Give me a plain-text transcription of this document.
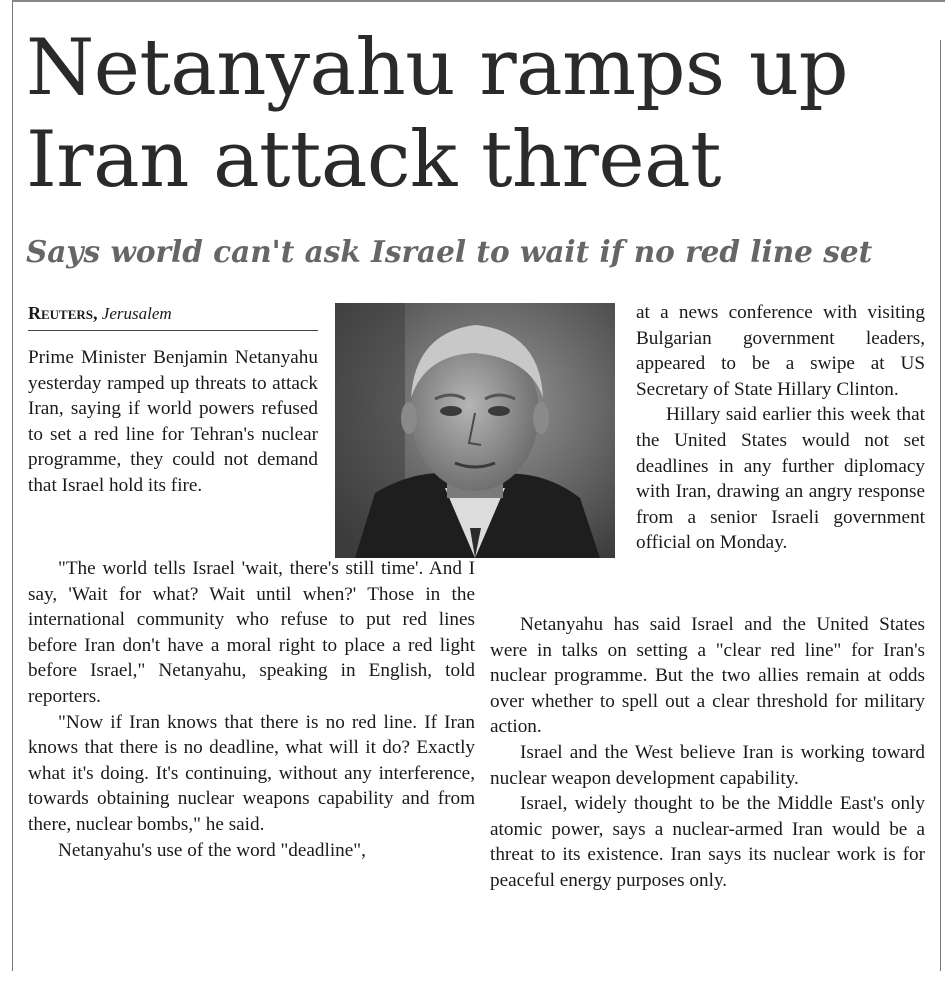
Netanyahu ramps up Iran attack threat
Says world can't ask Israel to wait if no red line set
Reuters, Jerusalem

Prime Minister Benjamin Netanyahu yesterday ramped up threats to attack Iran, saying if world powers refused to set a red line for Tehran's nuclear programme, they could not demand that Israel hold its fire.

"The world tells Israel 'wait, there's still time'. And I say, 'Wait for what? Wait until when?' Those in the international community who refuse to put red lines before Iran don't have a moral right to place a red light before Israel," Netanyahu, speaking in English, told reporters.

"Now if Iran knows that there is no red line. If Iran knows that there is no deadline, what will it do? Exactly what it's doing. It's continuing, without any interference, towards obtaining nuclear weapons capability and from there, nuclear bombs," he said.

Netanyahu's use of the word "deadline",

at a news conference with visiting Bulgarian government leaders, appeared to be a swipe at US Secretary of State Hillary Clinton.

Hillary said earlier this week that the United States would not set deadlines in any further diplomacy with Iran, drawing an angry response from a senior Israeli government official on Monday.

Netanyahu has said Israel and the United States were in talks on setting a "clear red line" for Iran's nuclear programme. But the two allies remain at odds over whether to spell out a clear threshold for military action.

Israel and the West believe Iran is working toward nuclear weapon development capability.

Israel, widely thought to be the Middle East's only atomic power, says a nuclear-armed Iran would be a threat to its existence. Iran says its nuclear work is for peaceful energy purposes only.
